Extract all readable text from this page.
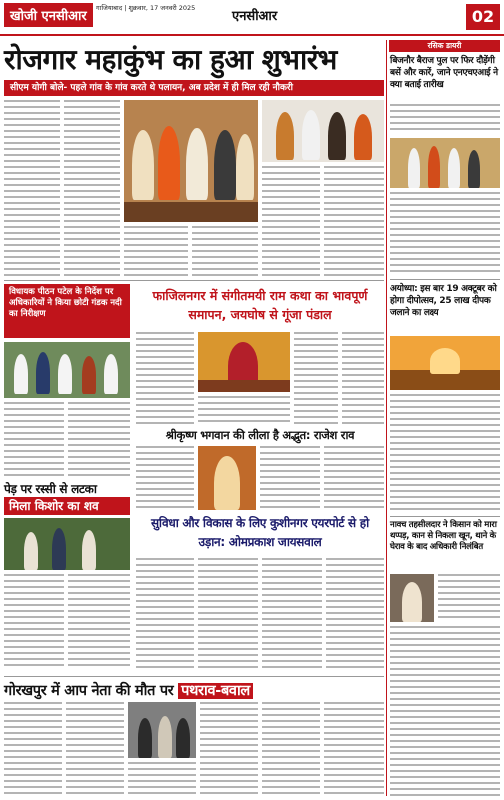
खोजी एनसीआर
गाजियाबाद | शुक्रवार, 17 जनवरी 2025
एनसीआर	02
रोजगार महाकुंभ का हुआ शुभारंभ
सीएम योगी बोले- पहले गांव के गांव करते थे पलायन, अब प्रदेश में ही मिल रही नौकरी
विधायक पीठन पटेल के निर्देश पर अधिकारियों ने किया छोटी गंडक नदी का निरीक्षण
फाजिलनगर में संगीतमयी राम कथा का भावपूर्ण समापन, जयघोष से गूंजा पंडाल
श्रीकृष्ण भगवान की लीला है अद्भुत: राजेश राव
पेड़ पर रस्सी से लटका
मिला किशोर का शव
सुविधा और विकास के लिए कुशीनगर एयरपोर्ट से हो उड़ान: ओमप्रकाश जायसवाल
गोरखपुर में आप नेता की मौत पर पथराव-बवाल
रसिक डायरी
बिजनौर बैराज पुल पर फिर दौड़ेंगी बसें और कारें, जाने एनएचएआई ने क्या बताई तारीख
अयोध्या: इस बार 19 अक्टूबर को होगा दीपोत्सव, 25 लाख दीपक जलाने का लक्ष्य
नावच तहसीलदार ने किसान को मारा थप्पड़, कान से निकला खून, थाने के घेराव के बाद अधिकारी निलंबित
